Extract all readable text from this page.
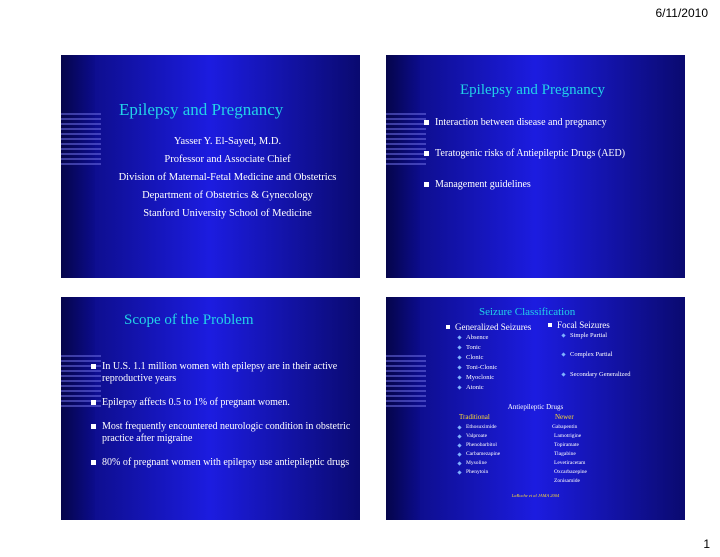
6/11/2010
Epilepsy and Pregnancy
Yasser Y. El-Sayed, M.D.
Professor and Associate Chief
Division of Maternal-Fetal Medicine and Obstetrics
Department of Obstetrics & Gynecology
Stanford University School of Medicine
Epilepsy and Pregnancy
Interaction between disease and pregnancy
Teratogenic risks of Antiepileptic Drugs (AED)
Management guidelines
Scope of the Problem
In U.S. 1.1 million women with epilepsy are in their active reproductive years
Epilepsy affects 0.5 to 1% of pregnant women.
Most frequently encountered neurologic condition in obstetric practice after migraine
80% of pregnant women with epilepsy use antiepileptic drugs
Seizure Classification
Generalized Seizures
Absence
Tonic
Clonic
Toni-Clonic
Myoclonic
Atonic
Focal Seizures
Simple Partial
Complex Partial
Secondary Generalized
Antiepileptic Drugs
Traditional	Newer
Ethosuximide
Valproate
Phenobarbitol
Carbamezapine
Mysoline
Phenytoin
Gabapentin
Lamotrigine
Topiramate
Tiagabine
Levetiracetam
Oxcarbazepine
Zonisamide
LaRoche et al JAMA 2004
1
